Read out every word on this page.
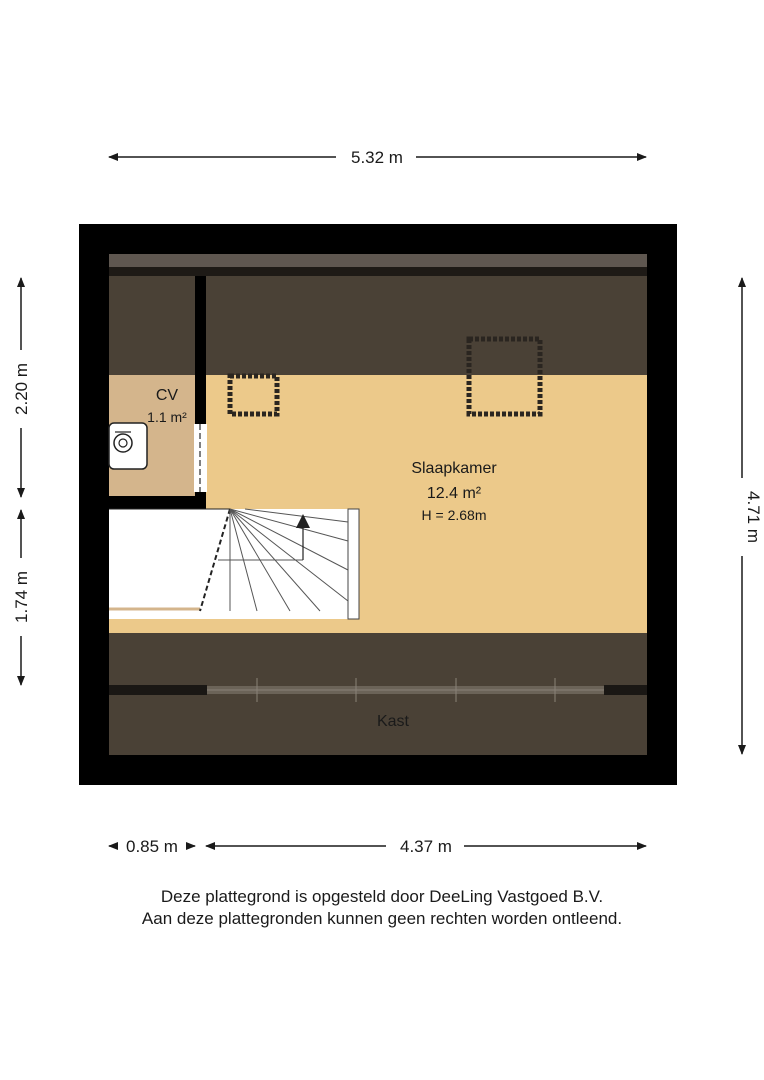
5.32 m
2.20 m
1.74 m
4.71 m
CV
1.1 m²
Slaapkamer
12.4 m²
H = 2.68m
Kast
0.85 m	4.37 m
Deze plattegrond is opgesteld door DeeLing Vastgoed B.V.
Aan deze plattegronden kunnen geen rechten worden ontleend.
